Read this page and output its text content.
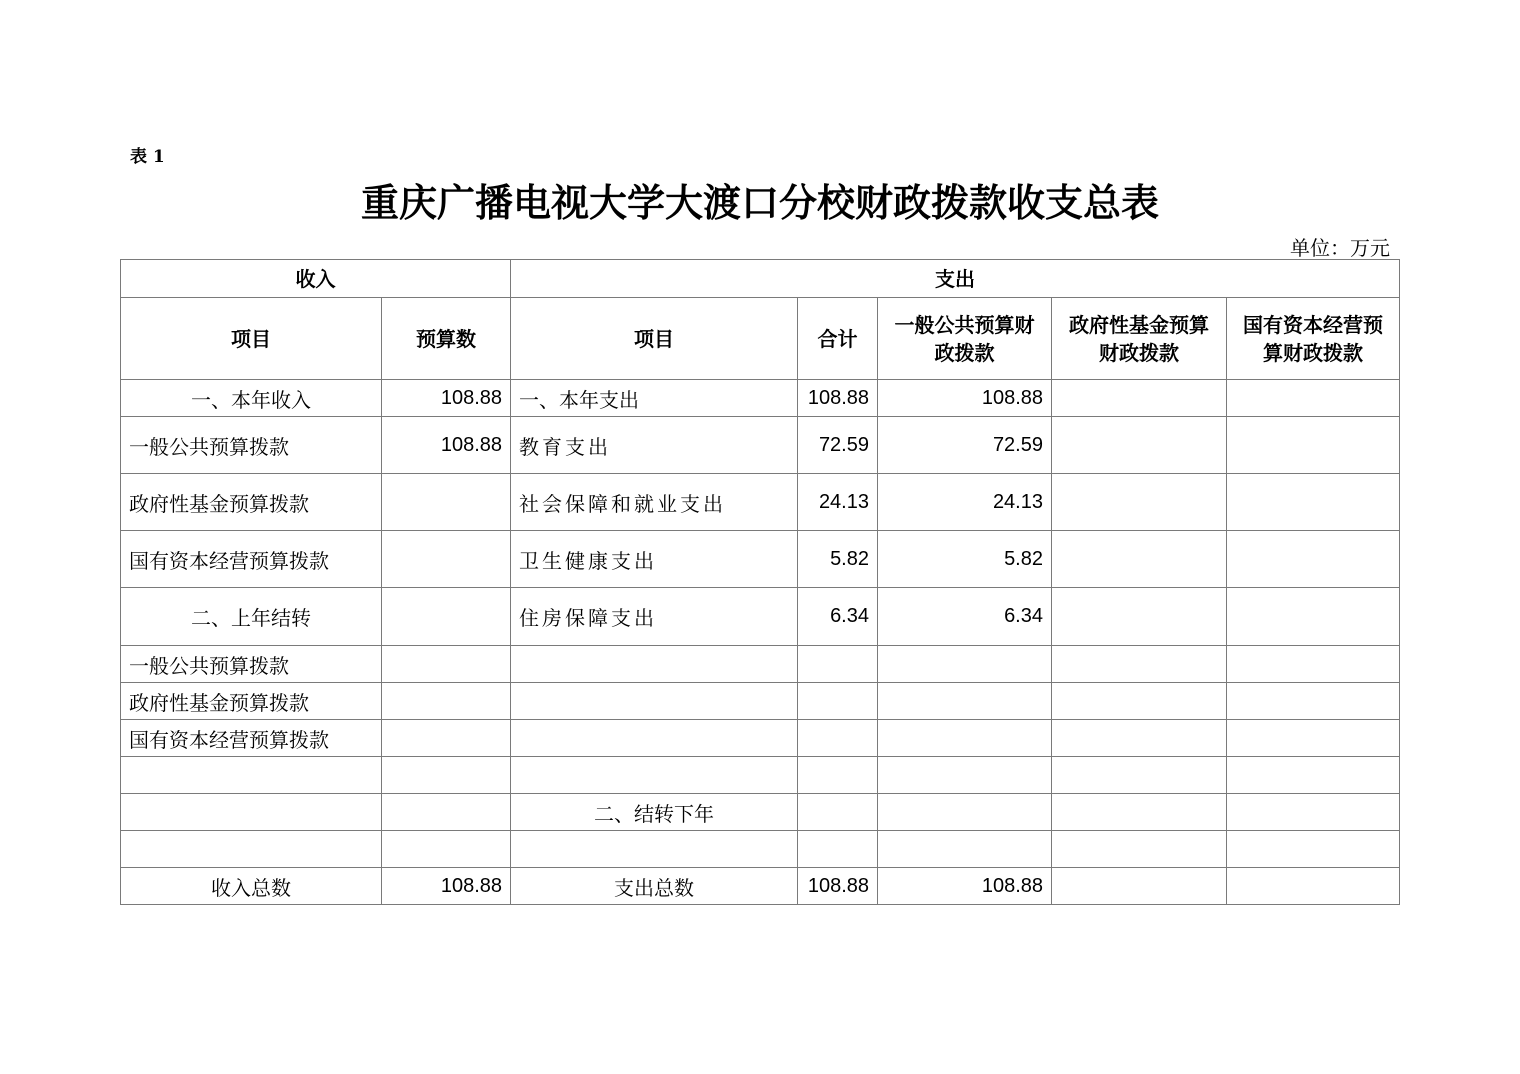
表 1
重庆广播电视大学大渡口分校财政拨款收支总表
单位：万元
收入		支出				
项目	预算数	项目	合计	一般公共预算财政拨款	政府性基金预算财政拨款	国有资本经营预算财政拨款
一、本年收入	108.88	一、本年支出	108.88	108.88		
一般公共预算拨款	108.88	教育支出	72.59	72.59		
政府性基金预算拨款		社会保障和就业支出	24.13	24.13		
国有资本经营预算拨款		卫生健康支出	5.82	5.82		
二、上年结转		住房保障支出	6.34	6.34		
一般公共预算拨款						
政府性基金预算拨款						
国有资本经营预算拨款						

		二、结转下年				

收入总数	108.88	支出总数	108.88	108.88		
